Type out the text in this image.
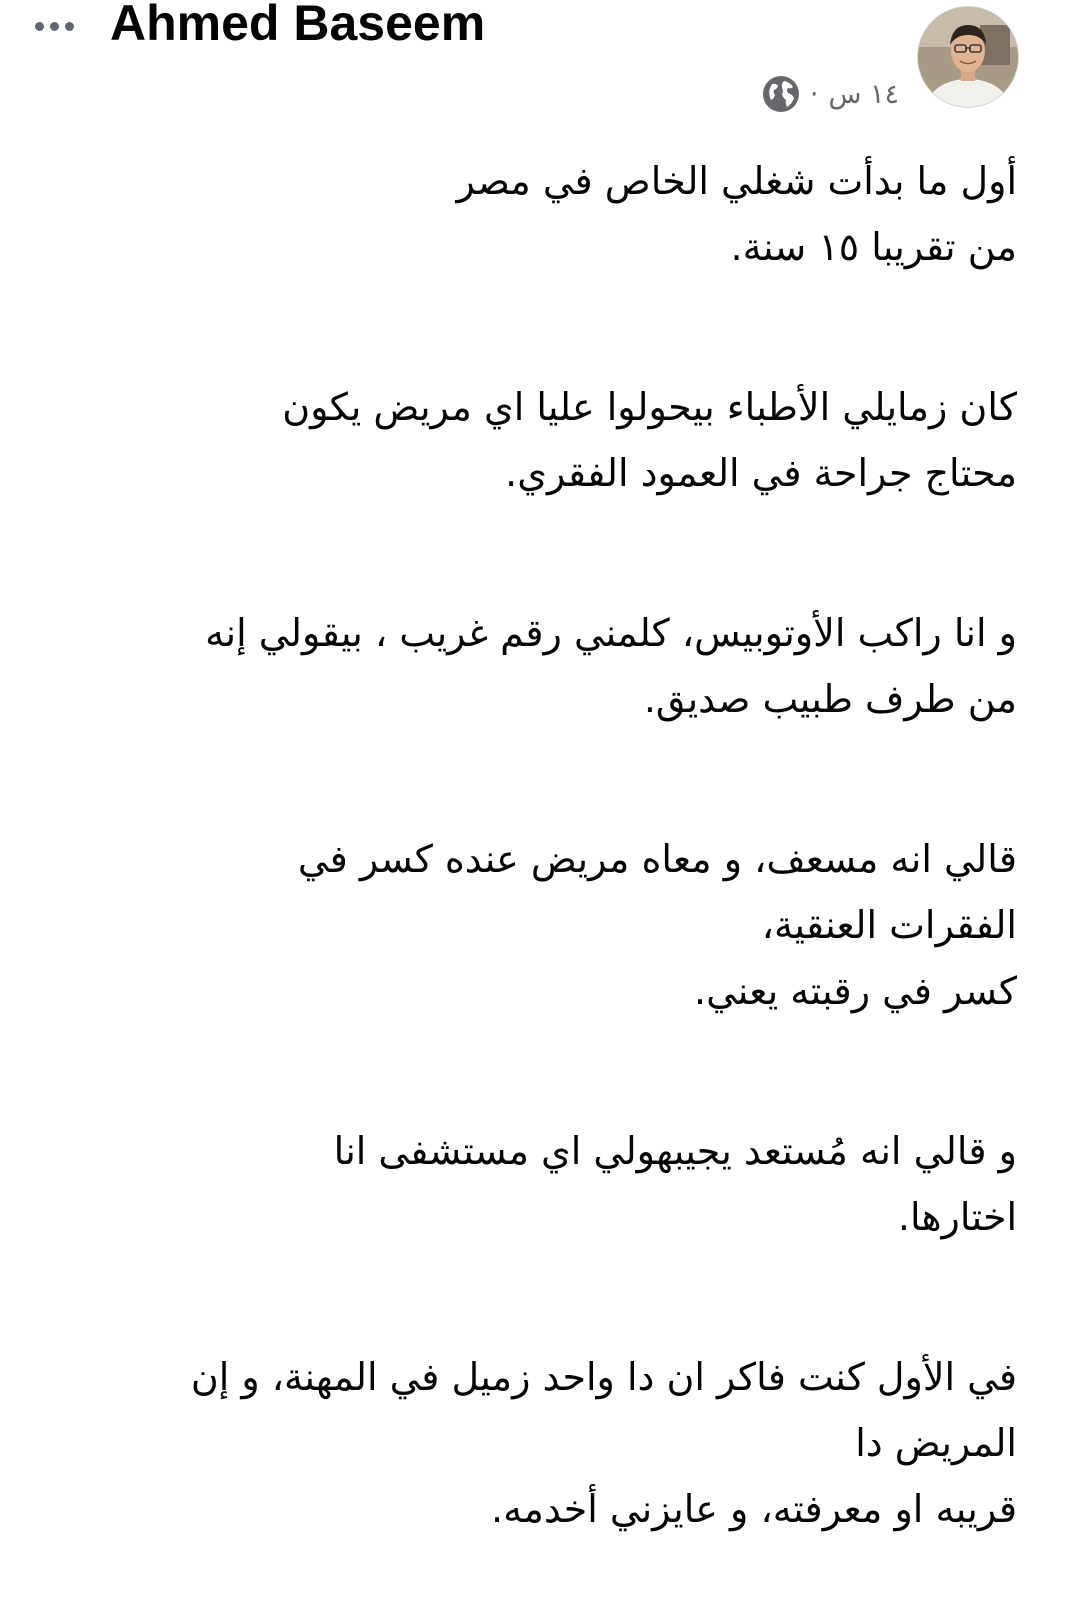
Ahmed Baseem
١٤ س
·
أول ما بدأت شغلي الخاص في مصر
من تقريبا ١٥ سنة.
كان زمايلي الأطباء بيحولوا عليا اي مريض يكون
محتاج جراحة في العمود الفقري.
و انا راكب الأوتوبيس، كلمني رقم غريب ، بيقولي إنه
من طرف طبيب صديق.
قالي انه مسعف، و معاه مريض عنده كسر في
الفقرات العنقية،
كسر في رقبته يعني.
و قالي انه مُستعد يجيبهولي اي مستشفى انا
اختارها.
في الأول كنت فاكر ان دا واحد زميل في المهنة، و إن
المريض دا
قريبه او معرفته، و عايزني أخدمه.
